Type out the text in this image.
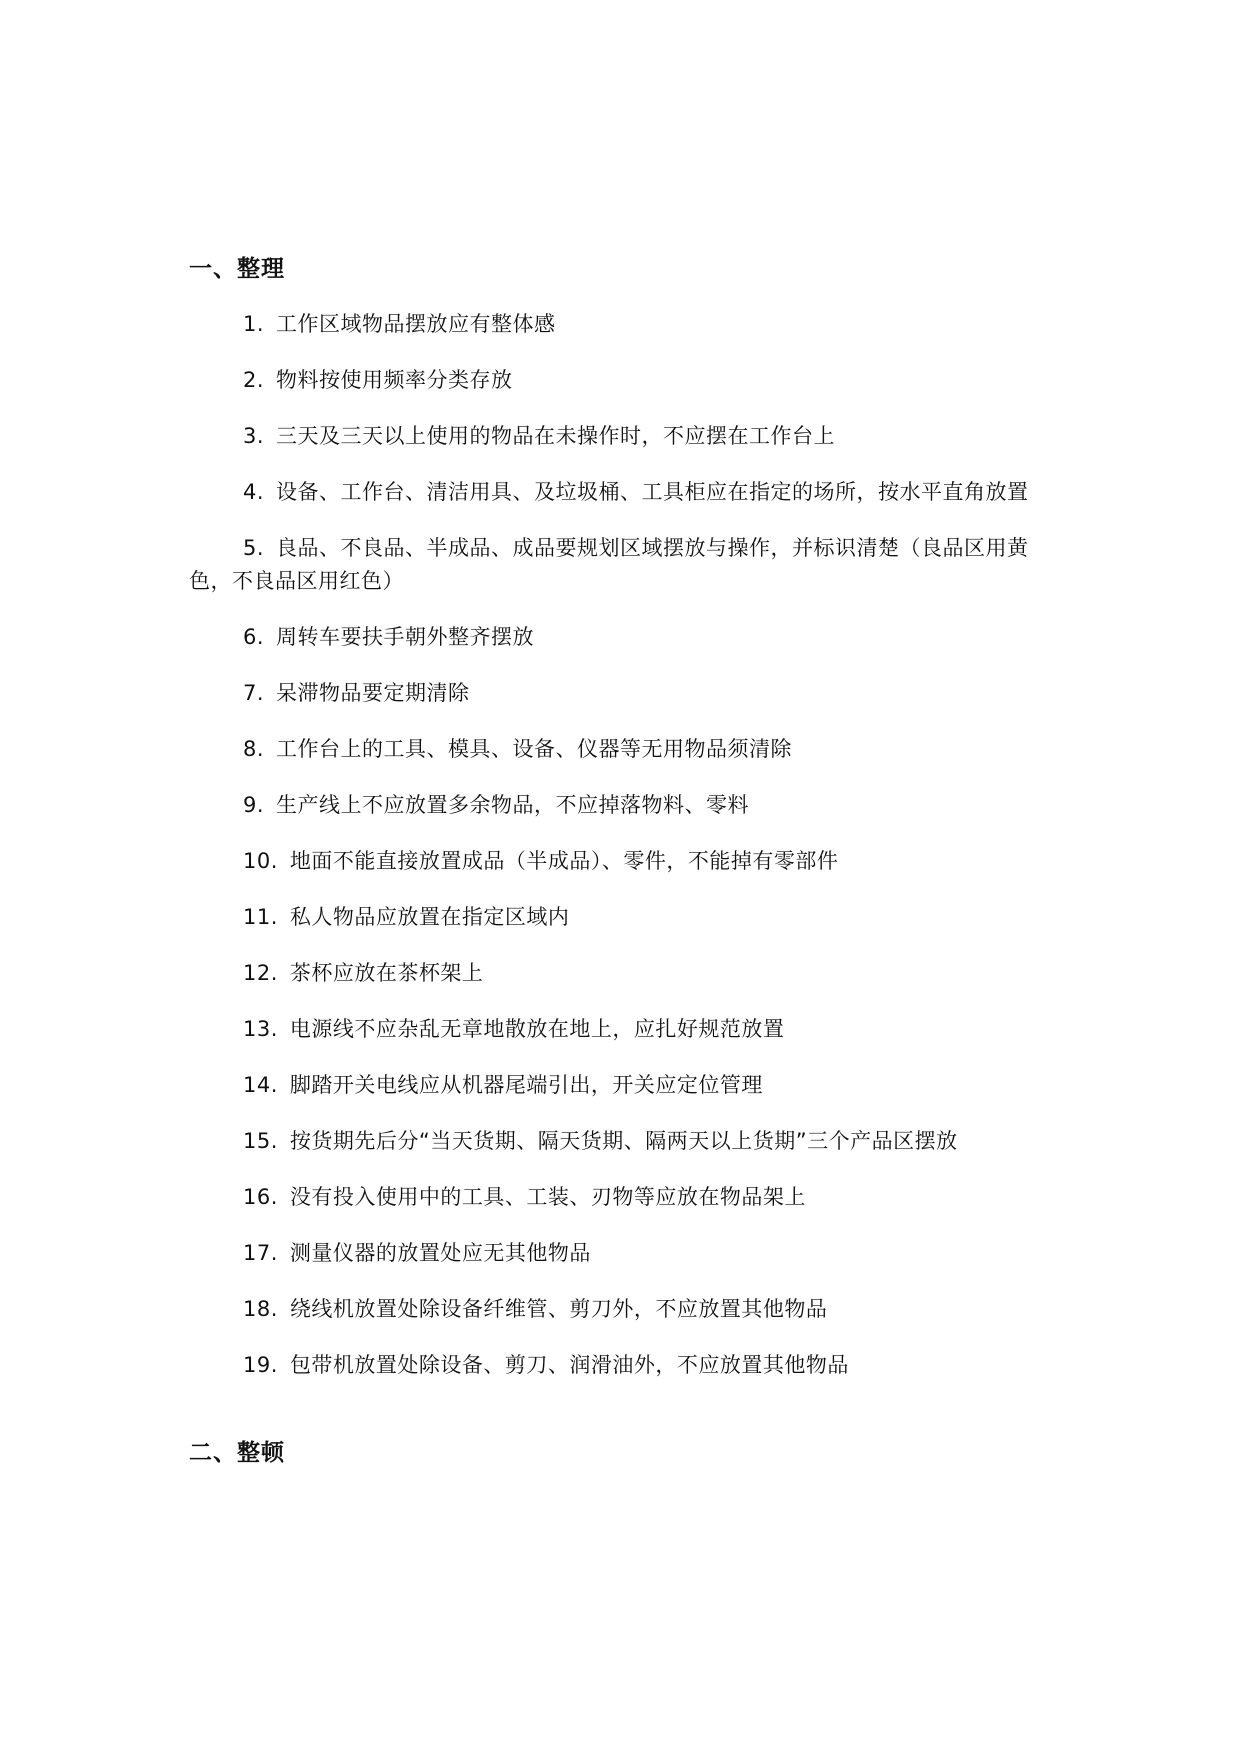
一、整理
1. 工作区域物品摆放应有整体感
2. 物料按使用频率分类存放
3. 三天及三天以上使用的物品在未操作时，不应摆在工作台上
4. 设备、工作台、清洁用具、及垃圾桶、工具柜应在指定的场所，按水平直角放置
5. 良品、不良品、半成品、成品要规划区域摆放与操作，并标识清楚（良品区用黄色，不良品区用红色）
6. 周转车要扶手朝外整齐摆放
7. 呆滞物品要定期清除
8. 工作台上的工具、模具、设备、仪器等无用物品须清除
9. 生产线上不应放置多余物品，不应掉落物料、零料
10. 地面不能直接放置成品（半成品）、零件，不能掉有零部件
11. 私人物品应放置在指定区域内
12. 茶杯应放在茶杯架上
13. 电源线不应杂乱无章地散放在地上，应扎好规范放置
14. 脚踏开关电线应从机器尾端引出，开关应定位管理
15. 按货期先后分“当天货期、隔天货期、隔两天以上货期”三个产品区摆放
16. 没有投入使用中的工具、工装、刃物等应放在物品架上
17. 测量仪器的放置处应无其他物品
18. 绕线机放置处除设备纤维管、剪刀外，不应放置其他物品
19. 包带机放置处除设备、剪刀、润滑油外，不应放置其他物品
二、整顿
